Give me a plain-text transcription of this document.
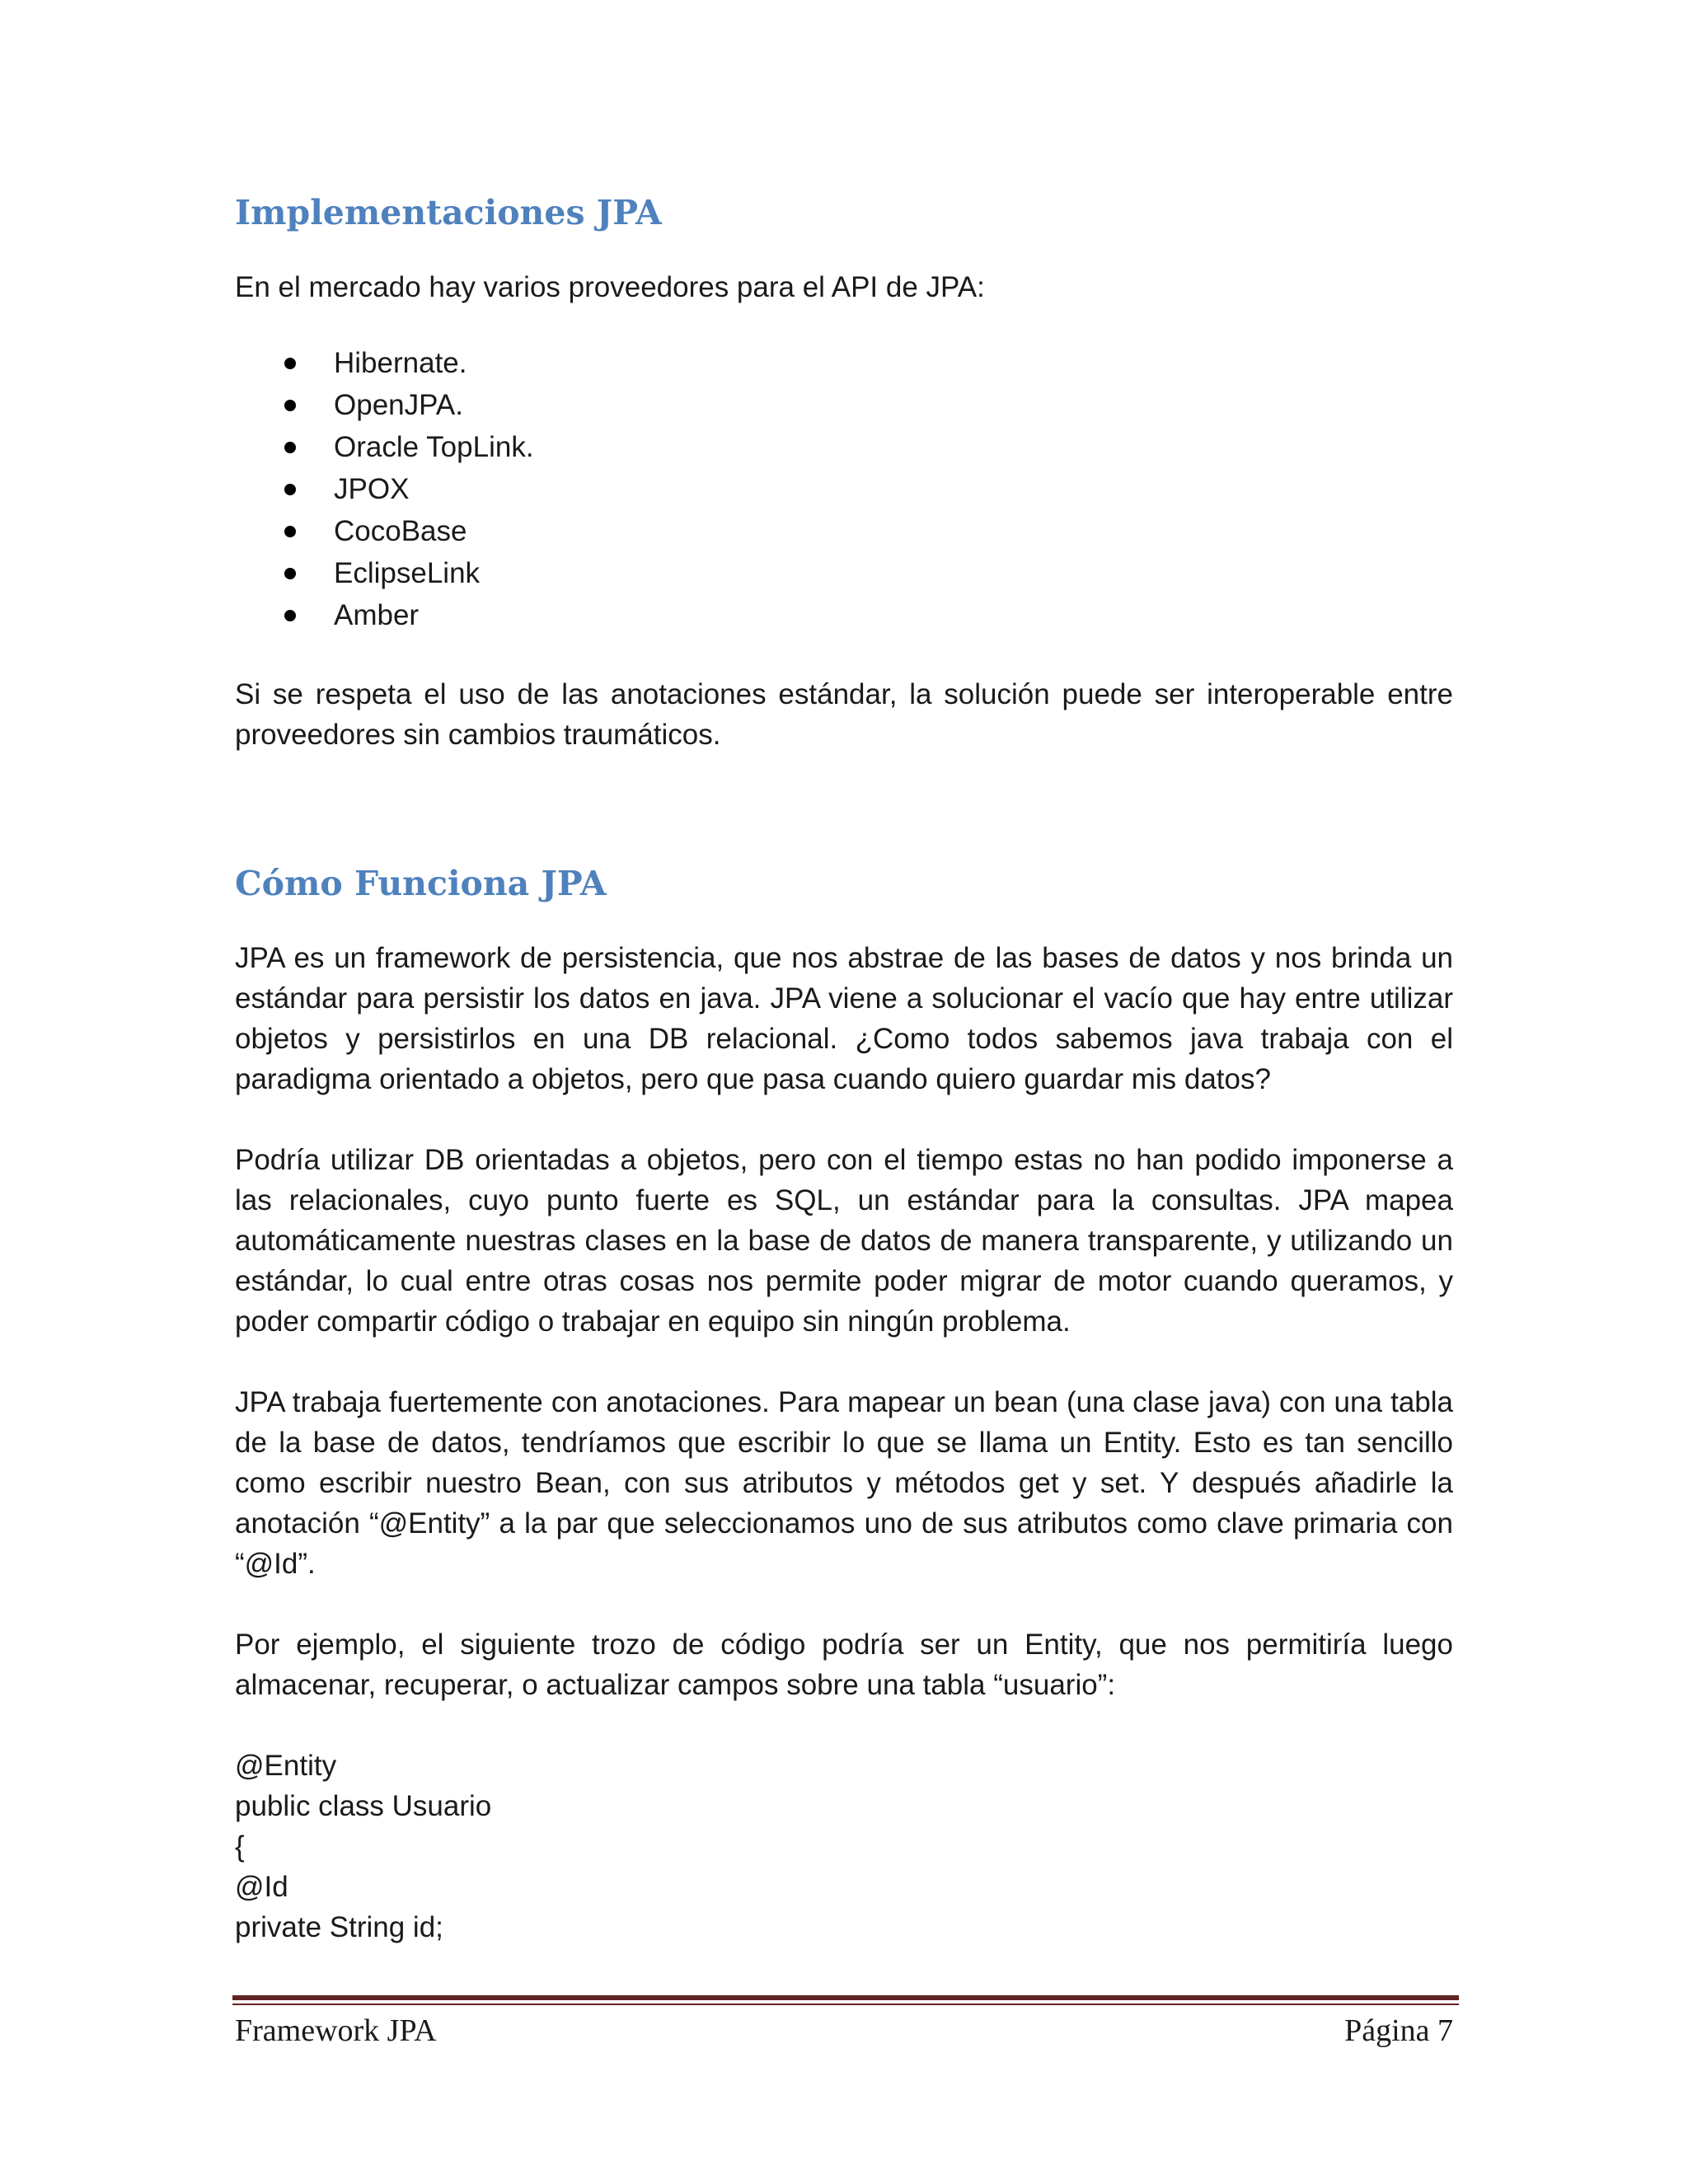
Implementaciones JPA

En el mercado hay varios proveedores para el API de JPA:

Hibernate.
OpenJPA.
Oracle TopLink.
JPOX
CocoBase
EclipseLink
Amber

Si se respeta el uso de las anotaciones estándar, la solución puede ser interoperable entre proveedores sin cambios traumáticos.

Cómo Funciona JPA

JPA es un framework de persistencia, que nos abstrae de las bases de datos y nos brinda un estándar para persistir los datos en java. JPA viene a solucionar el vacío que hay entre utilizar objetos y persistirlos en una DB relacional. ¿Como todos sabemos java trabaja con el paradigma orientado a objetos, pero que pasa cuando quiero guardar mis datos?

Podría utilizar DB orientadas a objetos, pero con el tiempo estas no han podido imponerse a las relacionales, cuyo punto fuerte es SQL, un estándar para la consultas. JPA mapea automáticamente nuestras clases en la base de datos de manera transparente, y utilizando un estándar, lo cual entre otras cosas nos permite poder migrar de motor cuando queramos, y poder compartir código o trabajar en equipo sin ningún problema.

JPA trabaja fuertemente con anotaciones. Para mapear un bean (una clase java) con una tabla de la base de datos, tendríamos que escribir lo que se llama un Entity. Esto es tan sencillo como escribir nuestro Bean, con sus atributos y métodos get y set. Y después añadirle la anotación “@Entity” a la par que seleccionamos uno de sus atributos como clave primaria con “@Id”.

Por ejemplo, el siguiente trozo de código podría ser un Entity, que nos permitiría luego almacenar, recuperar, o actualizar campos sobre una tabla “usuario”:

@Entity
public class Usuario
{
@Id
private String id;
Framework JPA	Página 7
